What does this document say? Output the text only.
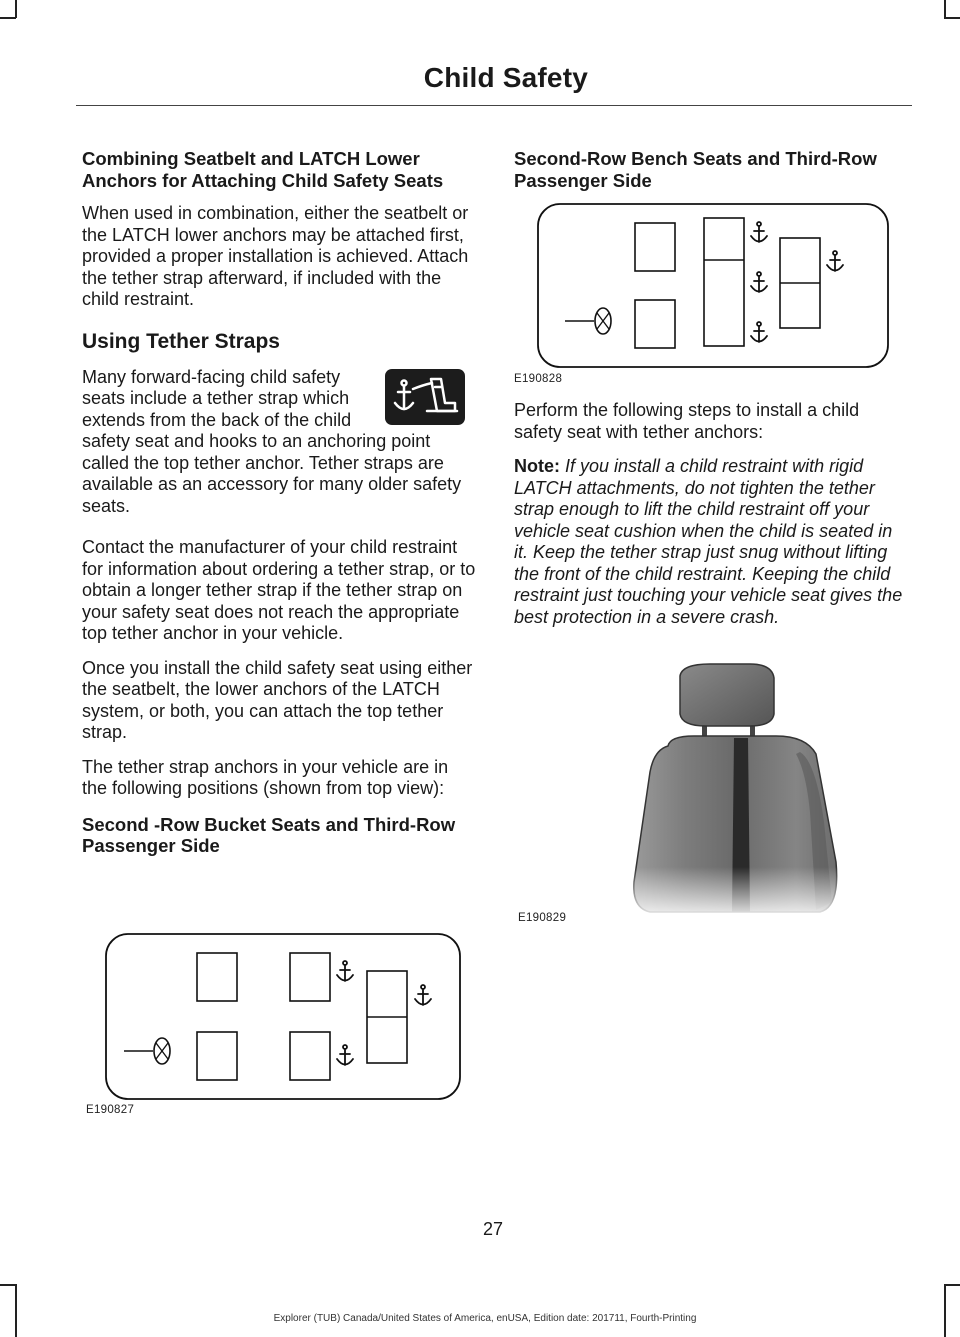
Child Safety
Combining Seatbelt and LATCH Lower Anchors for Attaching Child Safety Seats

When used in combination, either the seatbelt or the LATCH lower anchors may be attached first, provided a proper installation is achieved. Attach the tether strap afterward, if included with the child restraint.

Using Tether Straps

Many forward-facing child safety seats include a tether strap which extends from the back of the child safety seat and hooks to an anchoring point called the top tether anchor. Tether straps are available as an accessory for many older safety seats.

Contact the manufacturer of your child restraint for information about ordering a tether strap, or to obtain a longer tether strap if the tether strap on your safety seat does not reach the appropriate top tether anchor in your vehicle.

Once you install the child safety seat using either the seatbelt, the lower anchors of the LATCH system, or both, you can attach the top tether strap.

The tether strap anchors in your vehicle are in the following positions (shown from top view):

Second -Row Bucket Seats and Third-Row Passenger Side
E190827
Second-Row Bench Seats and Third-Row Passenger Side
E190828

Perform the following steps to install a child safety seat with tether anchors:

Note: If you install a child restraint with rigid LATCH attachments, do not tighten the tether strap enough to lift the child restraint off your vehicle seat cushion when the child is seated in it. Keep the tether strap just snug without lifting the front of the child restraint. Keeping the child restraint just touching your vehicle seat gives the best protection in a severe crash.

E190829
27
Explorer (TUB) Canada/United States of America, enUSA, Edition date: 201711, Fourth-Printing
